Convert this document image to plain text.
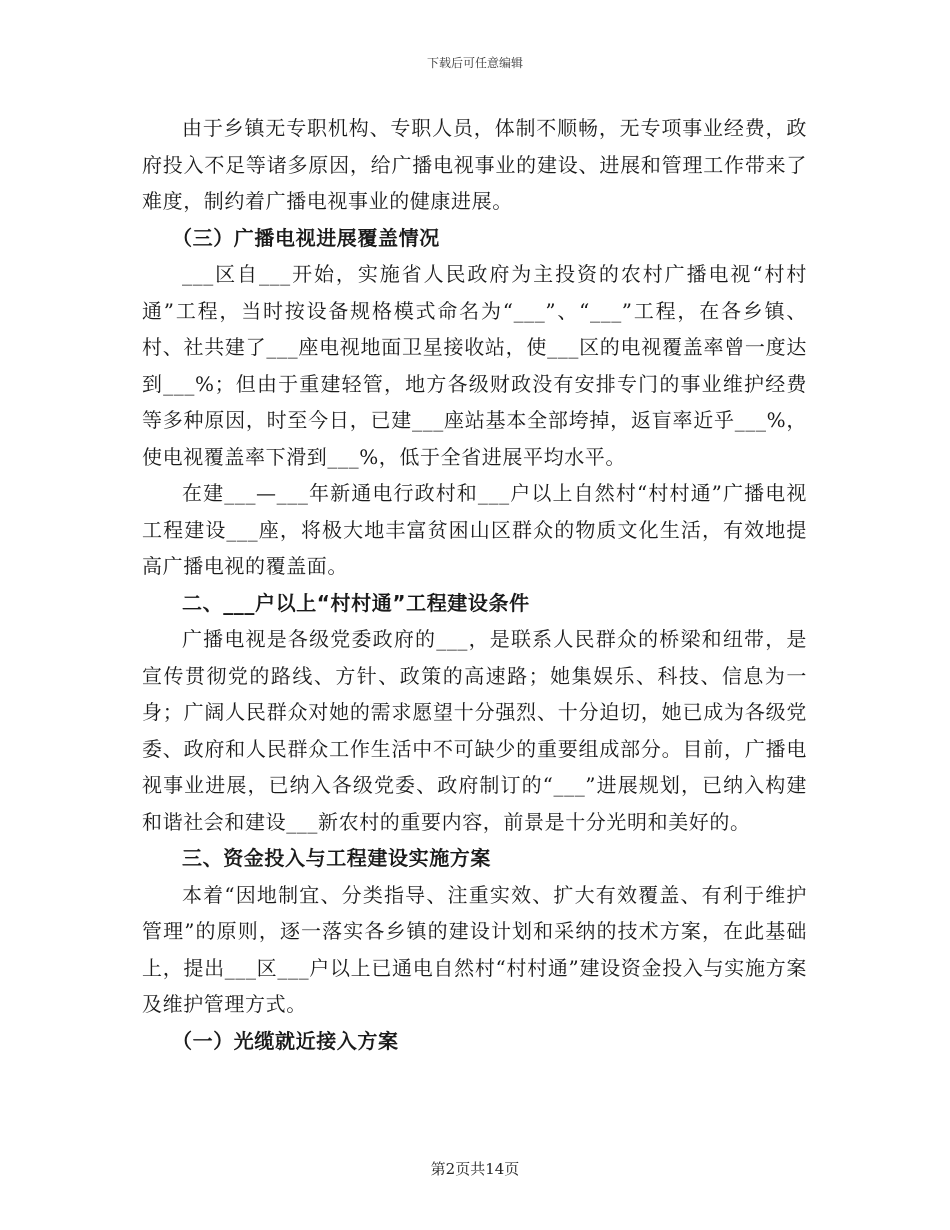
下载后可任意编辑

由于乡镇无专职机构、专职人员，体制不顺畅，无专项事业经费，政府投入不足等诸多原因，给广播电视事业的建设、进展和管理工作带来了难度，制约着广播电视事业的健康进展。

（三）广播电视进展覆盖情况

___区自___开始，实施省人民政府为主投资的农村广播电视“村村通”工程，当时按设备规格模式命名为“___”、“___”工程，在各乡镇、村、社共建了___座电视地面卫星接收站，使___区的电视覆盖率曾一度达到___%；但由于重建轻管，地方各级财政没有安排专门的事业维护经费等多种原因，时至今日，已建___座站基本全部垮掉，返盲率近乎___%，使电视覆盖率下滑到___%，低于全省进展平均水平。

在建___—___年新通电行政村和___户以上自然村“村村通”广播电视工程建设___座，将极大地丰富贫困山区群众的物质文化生活，有效地提高广播电视的覆盖面。

二、___户以上“村村通”工程建设条件

广播电视是各级党委政府的___，是联系人民群众的桥梁和纽带，是宣传贯彻党的路线、方针、政策的高速路；她集娱乐、科技、信息为一身；广阔人民群众对她的需求愿望十分强烈、十分迫切，她已成为各级党委、政府和人民群众工作生活中不可缺少的重要组成部分。目前，广播电视事业进展，已纳入各级党委、政府制订的“___”进展规划，已纳入构建和谐社会和建设___新农村的重要内容，前景是十分光明和美好的。

三、资金投入与工程建设实施方案

本着“因地制宜、分类指导、注重实效、扩大有效覆盖、有利于维护管理”的原则，逐一落实各乡镇的建设计划和采纳的技术方案，在此基础上，提出___区___户以上已通电自然村“村村通”建设资金投入与实施方案及维护管理方式。

（一）光缆就近接入方案
第2页共14页
